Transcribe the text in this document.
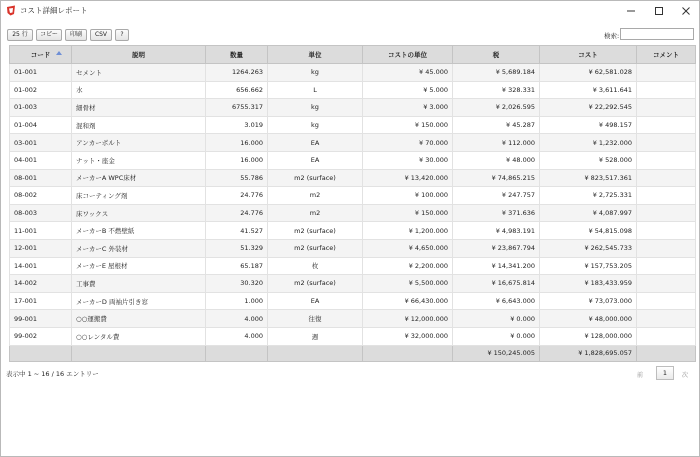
コスト詳細レポート
25 行	コピー	印刷	CSV	?	検索:
コード	説明	数量	単位	コストの単位	税	コスト	コメント
01-001	セメント	1264.263	kg	¥ 45.000	¥ 5,689.184	¥ 62,581.028	
01-002	水	656.662	L	¥ 5.000	¥ 328.331	¥ 3,611.641	
01-003	細骨材	6755.317	kg	¥ 3.000	¥ 2,026.595	¥ 22,292.545	
01-004	混和剤	3.019	kg	¥ 150.000	¥ 45.287	¥ 498.157	
03-001	アンカーボルト	16.000	EA	¥ 70.000	¥ 112.000	¥ 1,232.000	
04-001	ナット・座金	16.000	EA	¥ 30.000	¥ 48.000	¥ 528.000	
08-001	メーカーA WPC床材	55.786	m2 (surface)	¥ 13,420.000	¥ 74,865.215	¥ 823,517.361	
08-002	床コーティング剤	24.776	m2	¥ 100.000	¥ 247.757	¥ 2,725.331	
08-003	床ワックス	24.776	m2	¥ 150.000	¥ 371.636	¥ 4,087.997	
11-001	メーカーB 不燃壁紙	41.527	m2 (surface)	¥ 1,200.000	¥ 4,983.191	¥ 54,815.098	
12-001	メーカーC 外装材	51.329	m2 (surface)	¥ 4,650.000	¥ 23,867.794	¥ 262,545.733	
14-001	メーカーE 屋根材	65.187	枚	¥ 2,200.000	¥ 14,341.200	¥ 157,753.205	
14-002	工事費	30.320	m2 (surface)	¥ 5,500.000	¥ 16,675.814	¥ 183,433.959	
17-001	メーカーD 両袖片引き窓	1.000	EA	¥ 66,430.000	¥ 6,643.000	¥ 73,073.000	
99-001	○○運搬費	4.000	往復	¥ 12,000.000	¥ 0.000	¥ 48,000.000	
99-002	○○レンタル費	4.000	週	¥ 32,000.000	¥ 0.000	¥ 128,000.000	
					¥ 150,245.005	¥ 1,828,695.057	
表示中 1 ~ 16 / 16 エントリー	前	1	次
